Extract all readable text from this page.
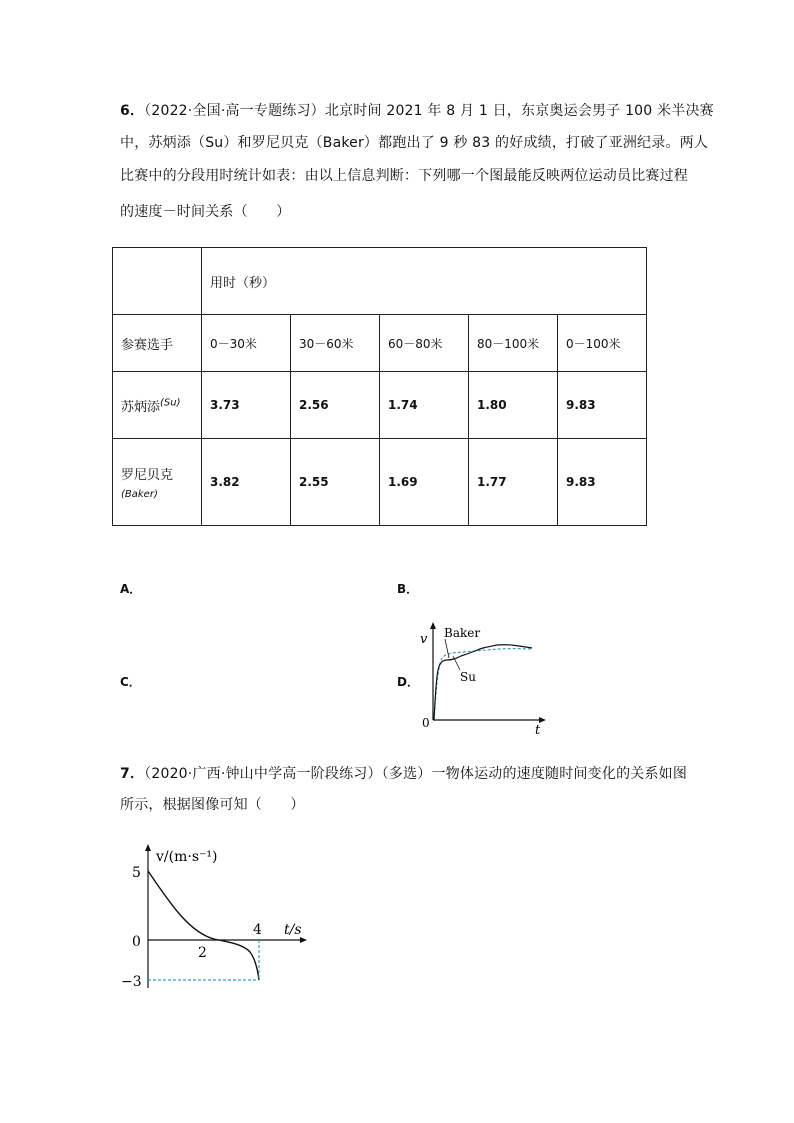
6．（2022·全国·高一专题练习）北京时间 2021 年 8 月 1 日，东京奥运会男子 100 米半决赛
中，苏炳添（Su）和罗尼贝克（Baker）都跑出了 9 秒 83 的好成绩，打破了亚洲纪录。两人
比赛中的分段用时统计如表：由以上信息判断：下列哪一个图最能反映两位运动员比赛过程
的速度－时间关系（　　）
	用时（秒）				
参赛选手	0－30米	30－60米	60－80米	80－100米	0－100米
苏炳添$^{(Su)}$	3.73	2.56	1.74	1.80	9.83
罗尼贝克
(Baker)	3.82	2.55	1.69	1.77	9.83
A．	B．
C．	D．
v
t
0
Baker
Su
7．（2020·广西·钟山中学高一阶段练习）（多选）一物体运动的速度随时间变化的关系如图
所示，根据图像可知（　　）
v/(m·s⁻¹)
t/s
5
0
−3
2
4
